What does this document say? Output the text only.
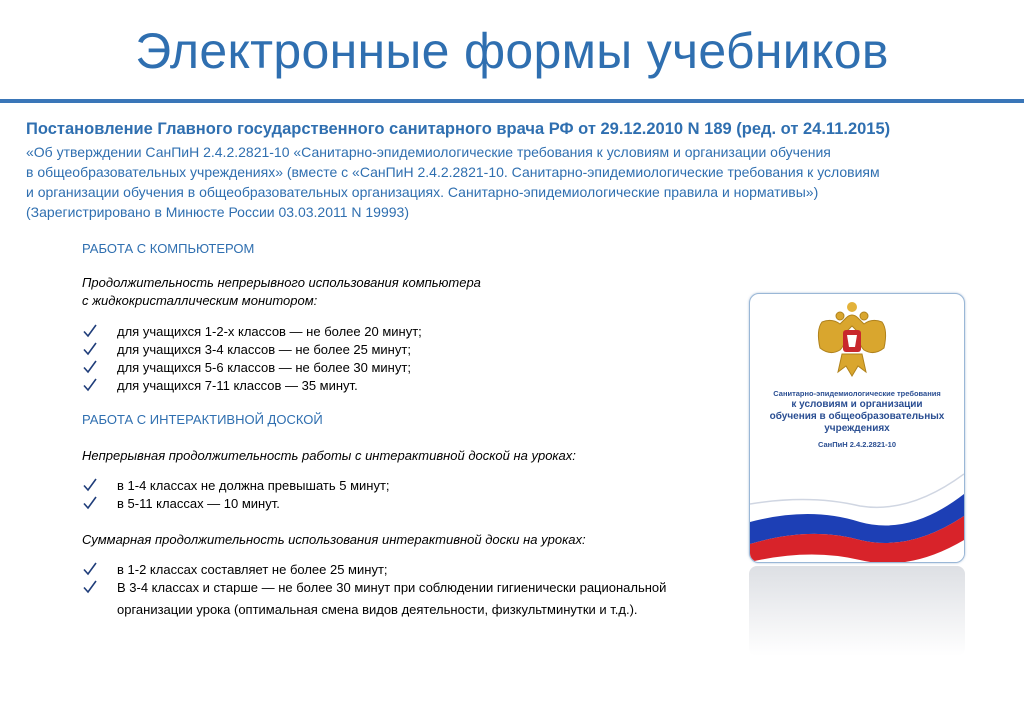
Электронные формы учебников
Постановление Главного государственного санитарного врача РФ от 29.12.2010 N 189 (ред. от 24.11.2015)
«Об утверждении СанПиН 2.4.2.2821-10 «Санитарно-эпидемиологические требования к условиям и организации обучения
в общеобразовательных учреждениях» (вместе с «СанПиН 2.4.2.2821-10. Санитарно-эпидемиологические требования к условиям
и организации обучения в общеобразовательных организациях. Санитарно-эпидемиологические правила и нормативы»)
(Зарегистрировано в Минюсте России 03.03.2011 N 19993)
РАБОТА С КОМПЬЮТЕРОМ
Продолжительность непрерывного использования компьютера
с жидкокристаллическим монитором:
для учащихся 1-2-х классов — не более 20 минут;
для учащихся 3-4 классов — не более 25 минут;
для учащихся 5-6 классов — не более 30 минут;
для учащихся 7-11 классов — 35 минут.
РАБОТА С ИНТЕРАКТИВНОЙ ДОСКОЙ
Непрерывная продолжительность работы с интерактивной доской на уроках:
в 1-4 классах не должна превышать 5 минут;
в 5-11 классах — 10 минут.
Суммарная продолжительность использования интерактивной доски на уроках:
в 1-2 классах составляет не более 25 минут;
В 3-4 классах и старше — не более 30 минут при соблюдении гигиенически рациональной
организации урока (оптимальная смена видов деятельности, физкультминутки и т.д.).
Санитарно-эпидемиологические требования
к условиям и организации
обучения в общеобразовательных
учреждениях
СанПиН 2.4.2.2821-10
